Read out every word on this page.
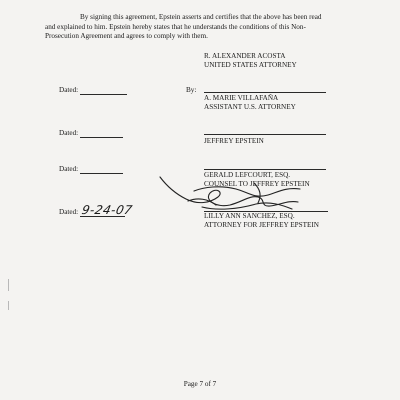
By signing this agreement, Epstein asserts and certifies that the above has been read
and explained to him. Epstein hereby states that he understands the conditions of this Non-
Prosecution Agreement and agrees to comply with them.
R. ALEXANDER ACOSTA
UNITED STATES ATTORNEY
Dated:	By:
A. MARIE VILLAFAÑA
ASSISTANT U.S. ATTORNEY
Dated:
JEFFREY EPSTEIN
Dated:
GERALD LEFCOURT, ESQ.
COUNSEL TO JEFFREY EPSTEIN
Dated: 9-24-07	LILLY ANN SANCHEZ, ESQ.
ATTORNEY FOR JEFFREY EPSTEIN
Page 7 of 7
